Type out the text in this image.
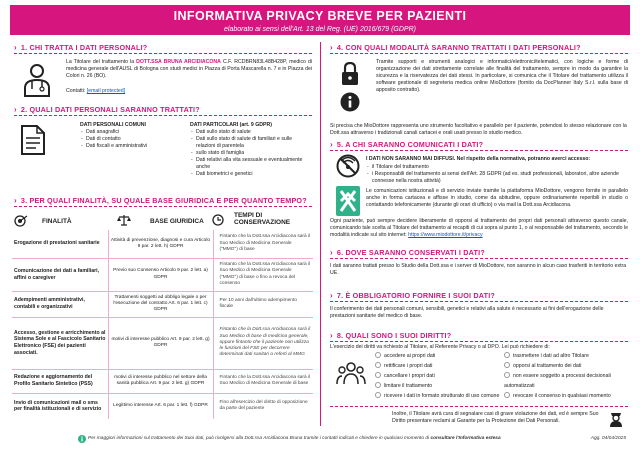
INFORMATIVA PRIVACY BREVE PER PAZIENTI
elaborato ai sensi dell'Art. 13 del Reg. (UE) 2016/679 (GDPR)
› 1. CHI TRATTA I DATI PERSONALI?
La Titolare del trattamento la DOTT.SSA BRUNA ARCIDIACONA C.F. RCDBRN83L48B428P, medico di medicina generale dell'AUSL di Bologna con studi medici in Piazza di Porta Mascarella n. 7 e in Piazza dei Colori n. 26 (BO).
Contatti: [email protected]
› 2. QUALI DATI PERSONALI SARANNO TRATTATI?
DATI PERSONALI COMUNI
- Dati anagrafici
- Dati di contatto
- Dati fiscali e amministrativi
DATI PARTICOLARI (art. 9 GDPR)
- Dati sullo stato di salute
- Dati sullo stato di salute di familiari e sulle relazioni di parentela
- sullo stato di famiglia
- Dati relativi alla vita sessuale e eventualmente anche
- Dati biometrici e genetici
› 3. PER QUALI FINALITÀ, SU QUALE BASE GIURIDICA E PER QUANTO TEMPO?
FINALITÀ	BASE GIURIDICA
TEMPI DI CONSERVAZIONE
Erogazione di prestazioni sanitarie	Attività di prevenzione, diagnosi e cura Articolo 9 par. 2 lett. h) GDPR	Fintanto che la Dott.ssa Arcidiacona sarà il Suo Medico di Medicina Generale ("MMG") di base
Comunicazione dei dati a familiari, affini o caregiver	Previo suo Consenso Articolo 9 par. 2 lett. a) GDPR	Fintanto che la Dott.ssa Arcidiacona sarà il Suo Medico di Medicina Generale ("MMG") di base o fino a revoca del consenso
Adempimenti amministrativi, contabili e organizzativi	Trattamenti soggetti ad obbligo legale o per l'esecuzione del contratto Art. 6 par. 1 lett. c) GDPR	Per 10 anni dall'ultimo adempimento fiscale
Accesso, gestione e arricchimento al Sistema Sole e al Fascicolo Sanitario Elettronico (FSE) dei pazienti associati.	motivi di interesse pubblico Art. 9 par. 2 lett. g) GDPR	Fintanto che la Dott.ssa Arcidiacona sarà il Suo Medico di base di medicina generale, oppure fintanto che il paziente non utilizza le funzioni del FSE per decorrere determinati dati sanitari o referti al MMG
Redazione e aggiornamento del Profilo Sanitario Sintetico (PSS)	motivi di interesse pubblico nel settore della sanità pubblica Art. 9 par. 2 lett. g) GDPR	Fintanto che la Dott.ssa Arcidiacona sarà il Suo Medico di Medicina Generale di base
Invio di comunicazioni mail o sms per finalità istituzionali e di servizio	Legittimo interesse Art. 6 par. 1 lett. f) GDPR	Fino all'esercizio del diritto di opposizione da parte del paziente
› 4. CON QUALI MODALITÀ SARANNO TRATTATI I DATI PERSONALI?
Tramite supporti e strumenti analogici e informatici/elettronici/telematici, con logiche e forme di organizzazione dei dati strettamente correlate alle finalità del trattamento, sempre in modo da garantire la sicurezza e la riservatezza dei dati stessi. In particolare, si comunica che il Titolare del trattamento utilizza il software gestionale di segreteria medica online MioDottore (fornito da DocPlanner Italy S.r.l. sulla base di apposito contratto).
Si precisa che MioDottore rappresenta uno strumento facoltativo e parallelo per il paziente, potendosi lo stesso relazionare con la Dott.ssa attraverso i tradizionali canali cartacei e orali usati presso lo studio medico.
› 5. A CHI SARANNO COMUNICATI I DATI?
I DATI NON SARANNO MAI DIFFUSI. Nel rispetto della normativa, potranno averci accesso:
- il Titolare del trattamento
- i Responsabili del trattamento ai sensi dell'Art. 28 GDPR (ad es. studi professionali, laboratori, altre aziende connesse nella nostra attività)
Le comunicazioni istituzionali e di servizio inviate tramite la piattaforma MioDottore, vengono fornite in parallelo anche in forma cartacea e affisse in studio, come da abitudine, oppure ordinariamente reperibili in studio o contattando telefonicamente (durante gli orari di ufficio) o via mail la Dott.ssa Arcidiacona.
Ogni paziente, può sempre decidere liberamente di opporsi al trattamento dei propri dati personali attraverso questo canale, comunicando tale scelta al Titolare del trattamento ai recapiti di cui sopra al punto 1, o al responsabile del trattamento, secondo le modalità indicate sul sito internet: https://www.miodottore.it/privacy
› 6. DOVE SARANNO CONSERVATI I DATI?
I dati saranno trattati presso lo Studio della Dott.ssa e i server di MioDottore, non saranno in alcun caso trasferiti in territorio extra UE.
› 7. È OBBLIGATORIO FORNIRE I SUOI DATI?
Il conferimento dei dati personali comuni, sensibili, genetici e relativi alla salute è necessario ai fini dell'erogazione delle prestazioni sanitarie del medico di base.
› 8. QUALI SONO I SUOI DIRITTI?
L'esercizio dei diritti va richiesto al Titolare, al Referente Privacy o al DPO. Lei può richiedere di:
accedere ai propri dati
rettificare i propri dati
cancellare i propri dati
limitare il trattamento
ricevere i dati in formato strutturato di uso comune
trasmettere i dati ad altro Titolare
opporsi al trattamento dei dati
non essere soggetto a processi decisionali automatizzati
revocare il consenso in qualsiasi momento
Inoltre, il Titolare avrà cura di segnalare casi di grave violazione dei dati, ed è sempre Suo Diritto presentare reclami al Garante per la Protezione dei Dati Personali.
Per maggiori informazioni sul trattamento dei Suoi dati, può rivolgersi alla Dott.ssa Arcidiacona Bruna tramite i contatti indicati e chiedere in qualsiasi momento di consultare l'Informativa estesa	Agg. 04/04/2025
